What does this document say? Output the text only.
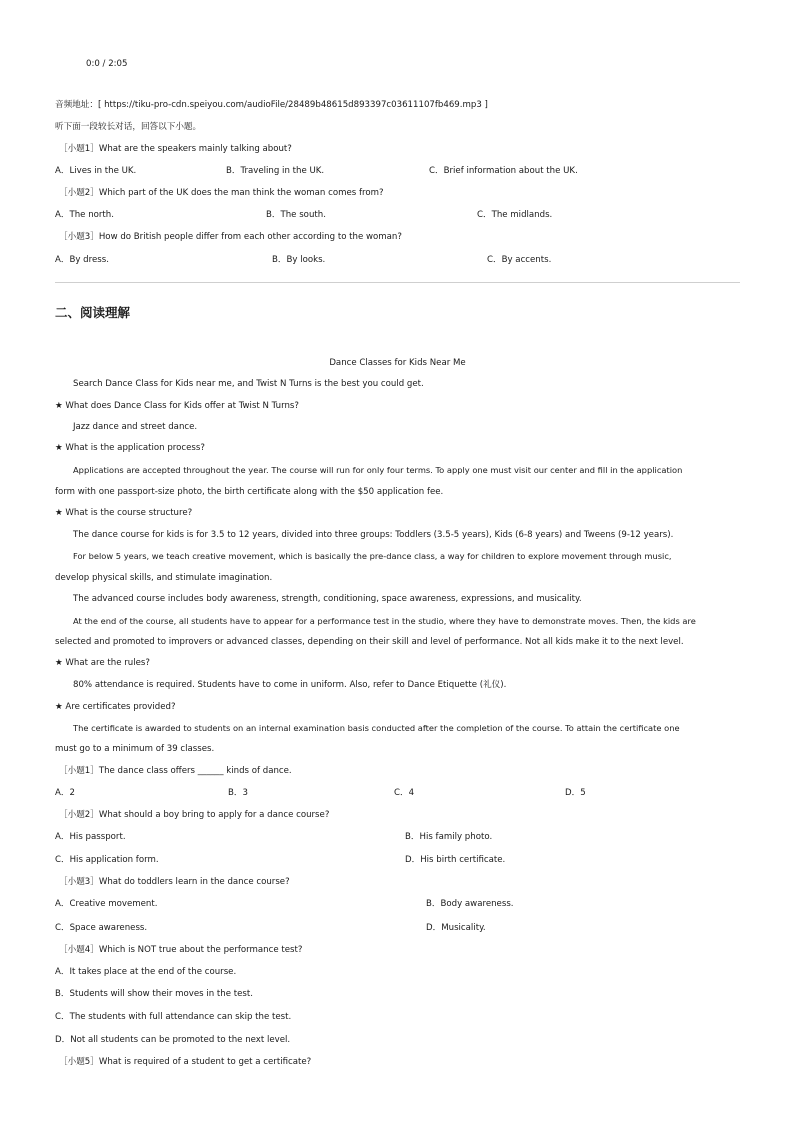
0:0 / 2:05
音频地址：[ https://tiku-pro-cdn.speiyou.com/audioFile/28489b48615d893397c03611107fb469.mp3 ]
听下面一段较长对话，回答以下小题。
［小题1］What are the speakers mainly talking about?
A．Lives in the UK.	B．Traveling in the UK.	C．Brief information about the UK.
［小题2］Which part of the UK does the man think the woman comes from?
A．The north.	B．The south.	C．The midlands.
［小题3］How do British people differ from each other according to the woman?
A．By dress.	B．By looks.	C．By accents.
二、阅读理解
Dance Classes for Kids Near Me
Search Dance Class for Kids near me, and Twist N Turns is the best you could get.
★ What does Dance Class for Kids offer at Twist N Turns?
Jazz dance and street dance.
★ What is the application process?
Applications are accepted throughout the year. The course will run for only four terms. To apply one must visit our center and fill in the application
form with one passport-size photo, the birth certificate along with the $50 application fee.
★ What is the course structure?
The dance course for kids is for 3.5 to 12 years, divided into three groups: Toddlers (3.5-5 years), Kids (6-8 years) and Tweens (9-12 years).
For below 5 years, we teach creative movement, which is basically the pre-dance class, a way for children to explore movement through music,
develop physical skills, and stimulate imagination.
The advanced course includes body awareness, strength, conditioning, space awareness, expressions, and musicality.
At the end of the course, all students have to appear for a performance test in the studio, where they have to demonstrate moves. Then, the kids are
selected and promoted to improvers or advanced classes, depending on their skill and level of performance. Not all kids make it to the next level.
★ What are the rules?
80% attendance is required. Students have to come in uniform. Also, refer to Dance Etiquette (礼仪).
★ Are certificates provided?
The certificate is awarded to students on an internal examination basis conducted after the completion of the course. To attain the certificate one
must go to a minimum of 39 classes.
［小题1］The dance class offers ______ kinds of dance.
A．2	B．3	C．4	D．5
［小题2］What should a boy bring to apply for a dance course?
A．His passport.	B．His family photo.
C．His application form.	D．His birth certificate.
［小题3］What do toddlers learn in the dance course?
A．Creative movement.	B．Body awareness.
C．Space awareness.	D．Musicality.
［小题4］Which is NOT true about the performance test?
A．It takes place at the end of the course.
B．Students will show their moves in the test.
C．The students with full attendance can skip the test.
D．Not all students can be promoted to the next level.
［小题5］What is required of a student to get a certificate?
